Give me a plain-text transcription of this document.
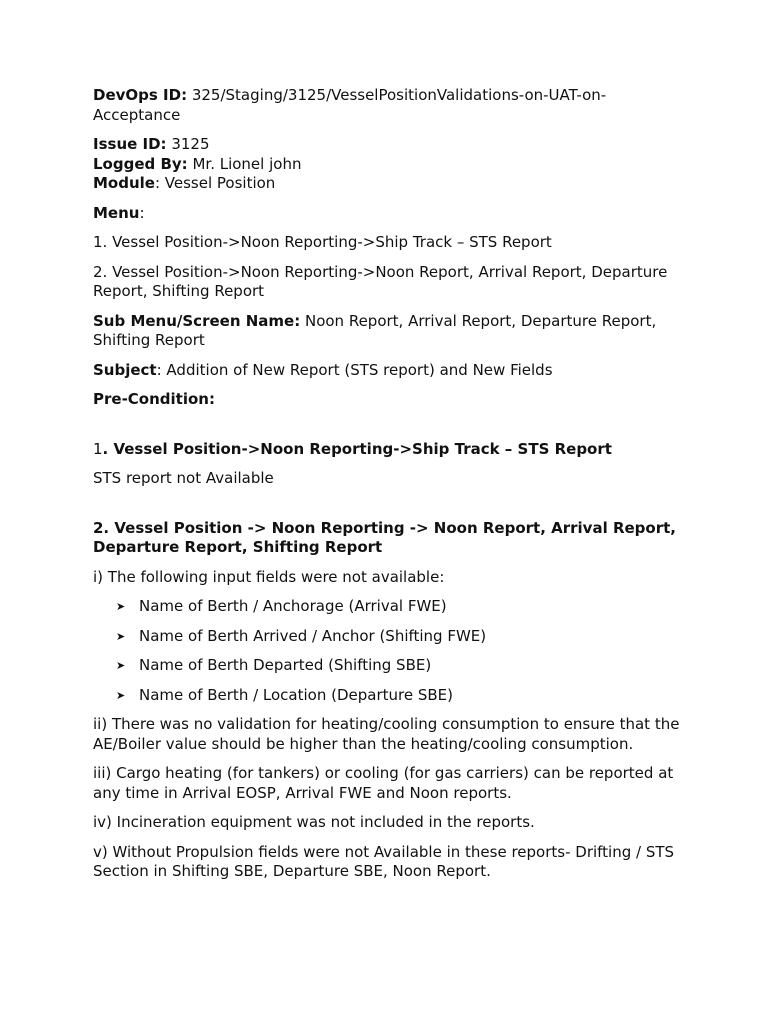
DevOps ID: 325/Staging/3125/VesselPositionValidations-on-UAT-on-Acceptance

Issue ID: 3125

Logged By: Mr. Lionel john

Module: Vessel Position

Menu:

1. Vessel Position->Noon Reporting->Ship Track – STS Report

2. Vessel Position->Noon Reporting->Noon Report, Arrival Report, Departure Report, Shifting Report

Sub Menu/Screen Name: Noon Report, Arrival Report, Departure Report, Shifting Report

Subject: Addition of New Report (STS report) and New Fields

Pre-Condition:

1. Vessel Position->Noon Reporting->Ship Track – STS Report

STS report not Available

2. Vessel Position -> Noon Reporting -> Noon Report, Arrival Report, Departure Report, Shifting Report

i) The following input fields were not available:

➤ Name of Berth / Anchorage (Arrival FWE)
➤ Name of Berth Arrived / Anchor (Shifting FWE)
➤ Name of Berth Departed (Shifting SBE)
➤ Name of Berth / Location (Departure SBE)

ii) There was no validation for heating/cooling consumption to ensure that the AE/Boiler value should be higher than the heating/cooling consumption.

iii) Cargo heating (for tankers) or cooling (for gas carriers) can be reported at any time in Arrival EOSP, Arrival FWE and Noon reports.

iv) Incineration equipment was not included in the reports.

v) Without Propulsion fields were not Available in these reports- Drifting / STS Section in Shifting SBE, Departure SBE, Noon Report.
